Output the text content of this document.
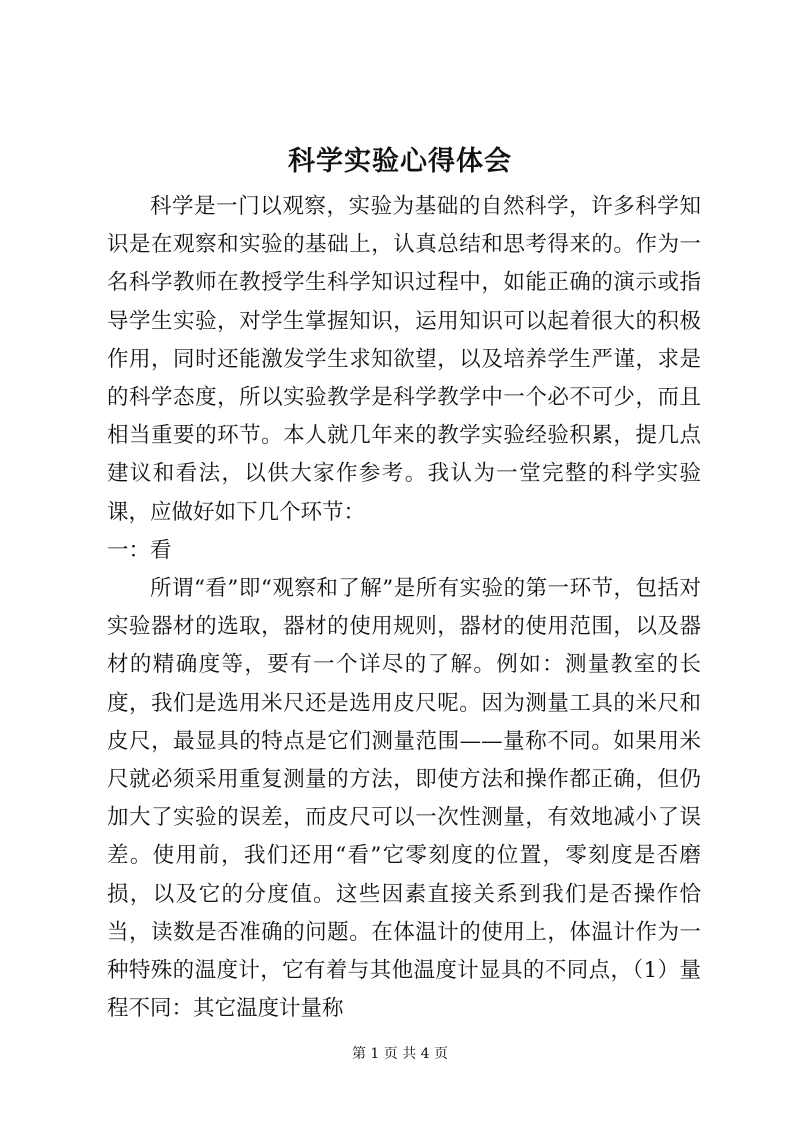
科学实验心得体会

科学是一门以观察，实验为基础的自然科学，许多科学知识是在观察和实验的基础上，认真总结和思考得来的。作为一名科学教师在教授学生科学知识过程中，如能正确的演示或指导学生实验，对学生掌握知识，运用知识可以起着很大的积极作用，同时还能激发学生求知欲望，以及培养学生严谨，求是的科学态度，所以实验教学是科学教学中一个必不可少，而且相当重要的环节。本人就几年来的教学实验经验积累，提几点建议和看法，以供大家作参考。我认为一堂完整的科学实验课，应做好如下几个环节：

一：看

所谓“看”即“观察和了解”是所有实验的第一环节，包括对实验器材的选取，器材的使用规则，器材的使用范围，以及器材的精确度等，要有一个详尽的了解。例如：测量教室的长度，我们是选用米尺还是选用皮尺呢。因为测量工具的米尺和皮尺，最显具的特点是它们测量范围——量称不同。如果用米尺就必须采用重复测量的方法，即使方法和操作都正确，但仍加大了实验的误差，而皮尺可以一次性测量，有效地减小了误差。使用前，我们还用“看”它零刻度的位置，零刻度是否磨损，以及它的分度值。这些因素直接关系到我们是否操作恰当，读数是否准确的问题。在体温计的使用上，体温计作为一种特殊的温度计，它有着与其他温度计显具的不同点，（1）量程不同：其它温度计量称

第 1 页 共 4 页
